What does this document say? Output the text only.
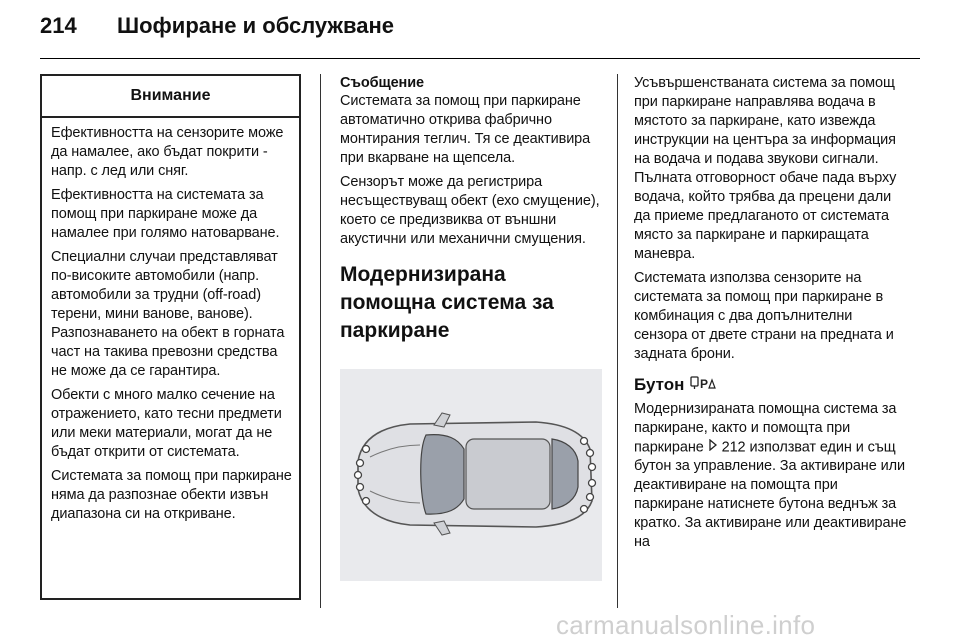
214 Шофиране и обслужване
Внимание

Ефективността на сензорите може да намалее, ако бъдат покрити - напр. с лед или сняг.

Ефективността на системата за помощ при паркиране може да намалее при голямо натоварване.

Специални случаи представляват по-високите автомобили (напр. автомобили за трудни (off-road) терени, мини ванове, ванове).

Разпознаването на обект в горната част на такива превозни средства не може да се гарантира.

Обекти с много малко сечение на отражението, като тесни предмети или меки материали, могат да не бъдат открити от системата.

Системата за помощ при паркиране няма да разпознае обекти извън диапазона си на откриване.

Съобщение

Системата за помощ при паркиране автоматично открива фабрично монтирания теглич. Тя се деактивира при вкарване на щепсела.

Сензорът може да регистрира несъществуващ обект (ехо смущение), което се предизвиква от външни акустични или механични смущения.

Модернизирана
помощна система за
паркиране

Усъвършенстваната система за помощ при паркиране направлява водача в мястото за паркиране, като извежда инструкции на центъра за информация на водача и подава звукови сигнали. Пълната отговорност обаче пада върху водача, който трябва да прецени дали да приеме предлаганото от системата място за паркиране и паркиращата маневра.

Системата използва сензорите на системата за помощ при паркиране в комбинация с два допълнителни сензора от двете страни на предната и задната брони.

Бутон P

Модернизираната помощна система за паркиране, както и помощта при паркиране 212 използват един и същ бутон за управление. За активиране или деактивиране на помощта при паркиране натиснете бутона веднъж за кратко. За активиране или деактивиране на

carmanualsonline.info
